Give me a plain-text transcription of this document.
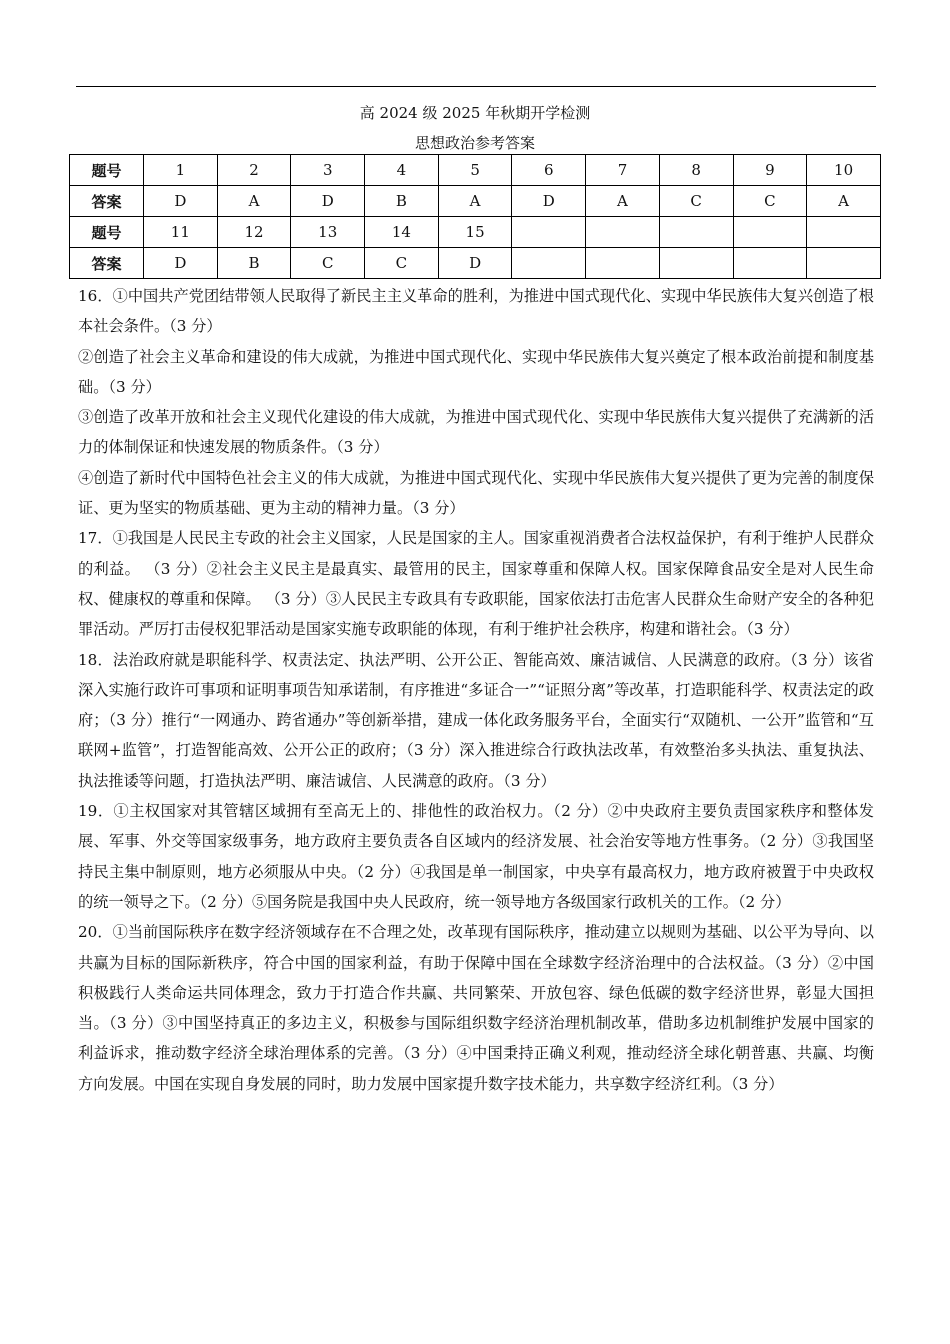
高 2024 级 2025 年秋期开学检测
思想政治参考答案
题号	1	2	3	4	5	6	7	8	9	10
答案	D	A	D	B	A	D	A	C	C	A
题号	11	12	13	14	15					
答案	D	B	C	C	D					

16．①中国共产党团结带领人民取得了新民主主义革命的胜利，为推进中国式现代化、实现中华民族伟大复兴创造了根本社会条件。（3 分）

②创造了社会主义革命和建设的伟大成就，为推进中国式现代化、实现中华民族伟大复兴奠定了根本政治前提和制度基础。（3 分）

③创造了改革开放和社会主义现代化建设的伟大成就，为推进中国式现代化、实现中华民族伟大复兴提供了充满新的活力的体制保证和快速发展的物质条件。（3 分）

④创造了新时代中国特色社会主义的伟大成就，为推进中国式现代化、实现中华民族伟大复兴提供了更为完善的制度保证、更为坚实的物质基础、更为主动的精神力量。（3 分）

17．①我国是人民民主专政的社会主义国家，人民是国家的主人。国家重视消费者合法权益保护，有利于维护人民群众的利益。 （3 分）②社会主义民主是最真实、最管用的民主，国家尊重和保障人权。国家保障食品安全是对人民生命权、健康权的尊重和保障。 （3 分）③人民民主专政具有专政职能，国家依法打击危害人民群众生命财产安全的各种犯罪活动。严厉打击侵权犯罪活动是国家实施专政职能的体现，有利于维护社会秩序，构建和谐社会。（3 分）

18．法治政府就是职能科学、权责法定、执法严明、公开公正、智能高效、廉洁诚信、人民满意的政府。（3 分）该省深入实施行政许可事项和证明事项告知承诺制，有序推进“多证合一”“证照分离”等改革，打造职能科学、权责法定的政府；（3 分）推行“一网通办、跨省通办”等创新举措，建成一体化政务服务平台，全面实行“双随机、一公开”监管和“互联网+监管”，打造智能高效、公开公正的政府；（3 分）深入推进综合行政执法改革，有效整治多头执法、重复执法、执法推诿等问题，打造执法严明、廉洁诚信、人民满意的政府。（3 分）

19．①主权国家对其管辖区域拥有至高无上的、排他性的政治权力。（2 分）②中央政府主要负责国家秩序和整体发展、军事、外交等国家级事务，地方政府主要负责各自区域内的经济发展、社会治安等地方性事务。（2 分）③我国坚持民主集中制原则，地方必须服从中央。（2 分）④我国是单一制国家，中央享有最高权力，地方政府被置于中央政权的统一领导之下。（2 分）⑤国务院是我国中央人民政府，统一领导地方各级国家行政机关的工作。（2 分）

20．①当前国际秩序在数字经济领域存在不合理之处，改革现有国际秩序，推动建立以规则为基础、以公平为导向、以共赢为目标的国际新秩序，符合中国的国家利益，有助于保障中国在全球数字经济治理中的合法权益。（3 分）②中国积极践行人类命运共同体理念，致力于打造合作共赢、共同繁荣、开放包容、绿色低碳的数字经济世界，彰显大国担当。（3 分）③中国坚持真正的多边主义，积极参与国际组织数字经济治理机制改革，借助多边机制维护发展中国家的利益诉求，推动数字经济全球治理体系的完善。（3 分）④中国秉持正确义利观，推动经济全球化朝普惠、共赢、均衡方向发展。中国在实现自身发展的同时，助力发展中国家提升数字技术能力，共享数字经济红利。（3 分）
